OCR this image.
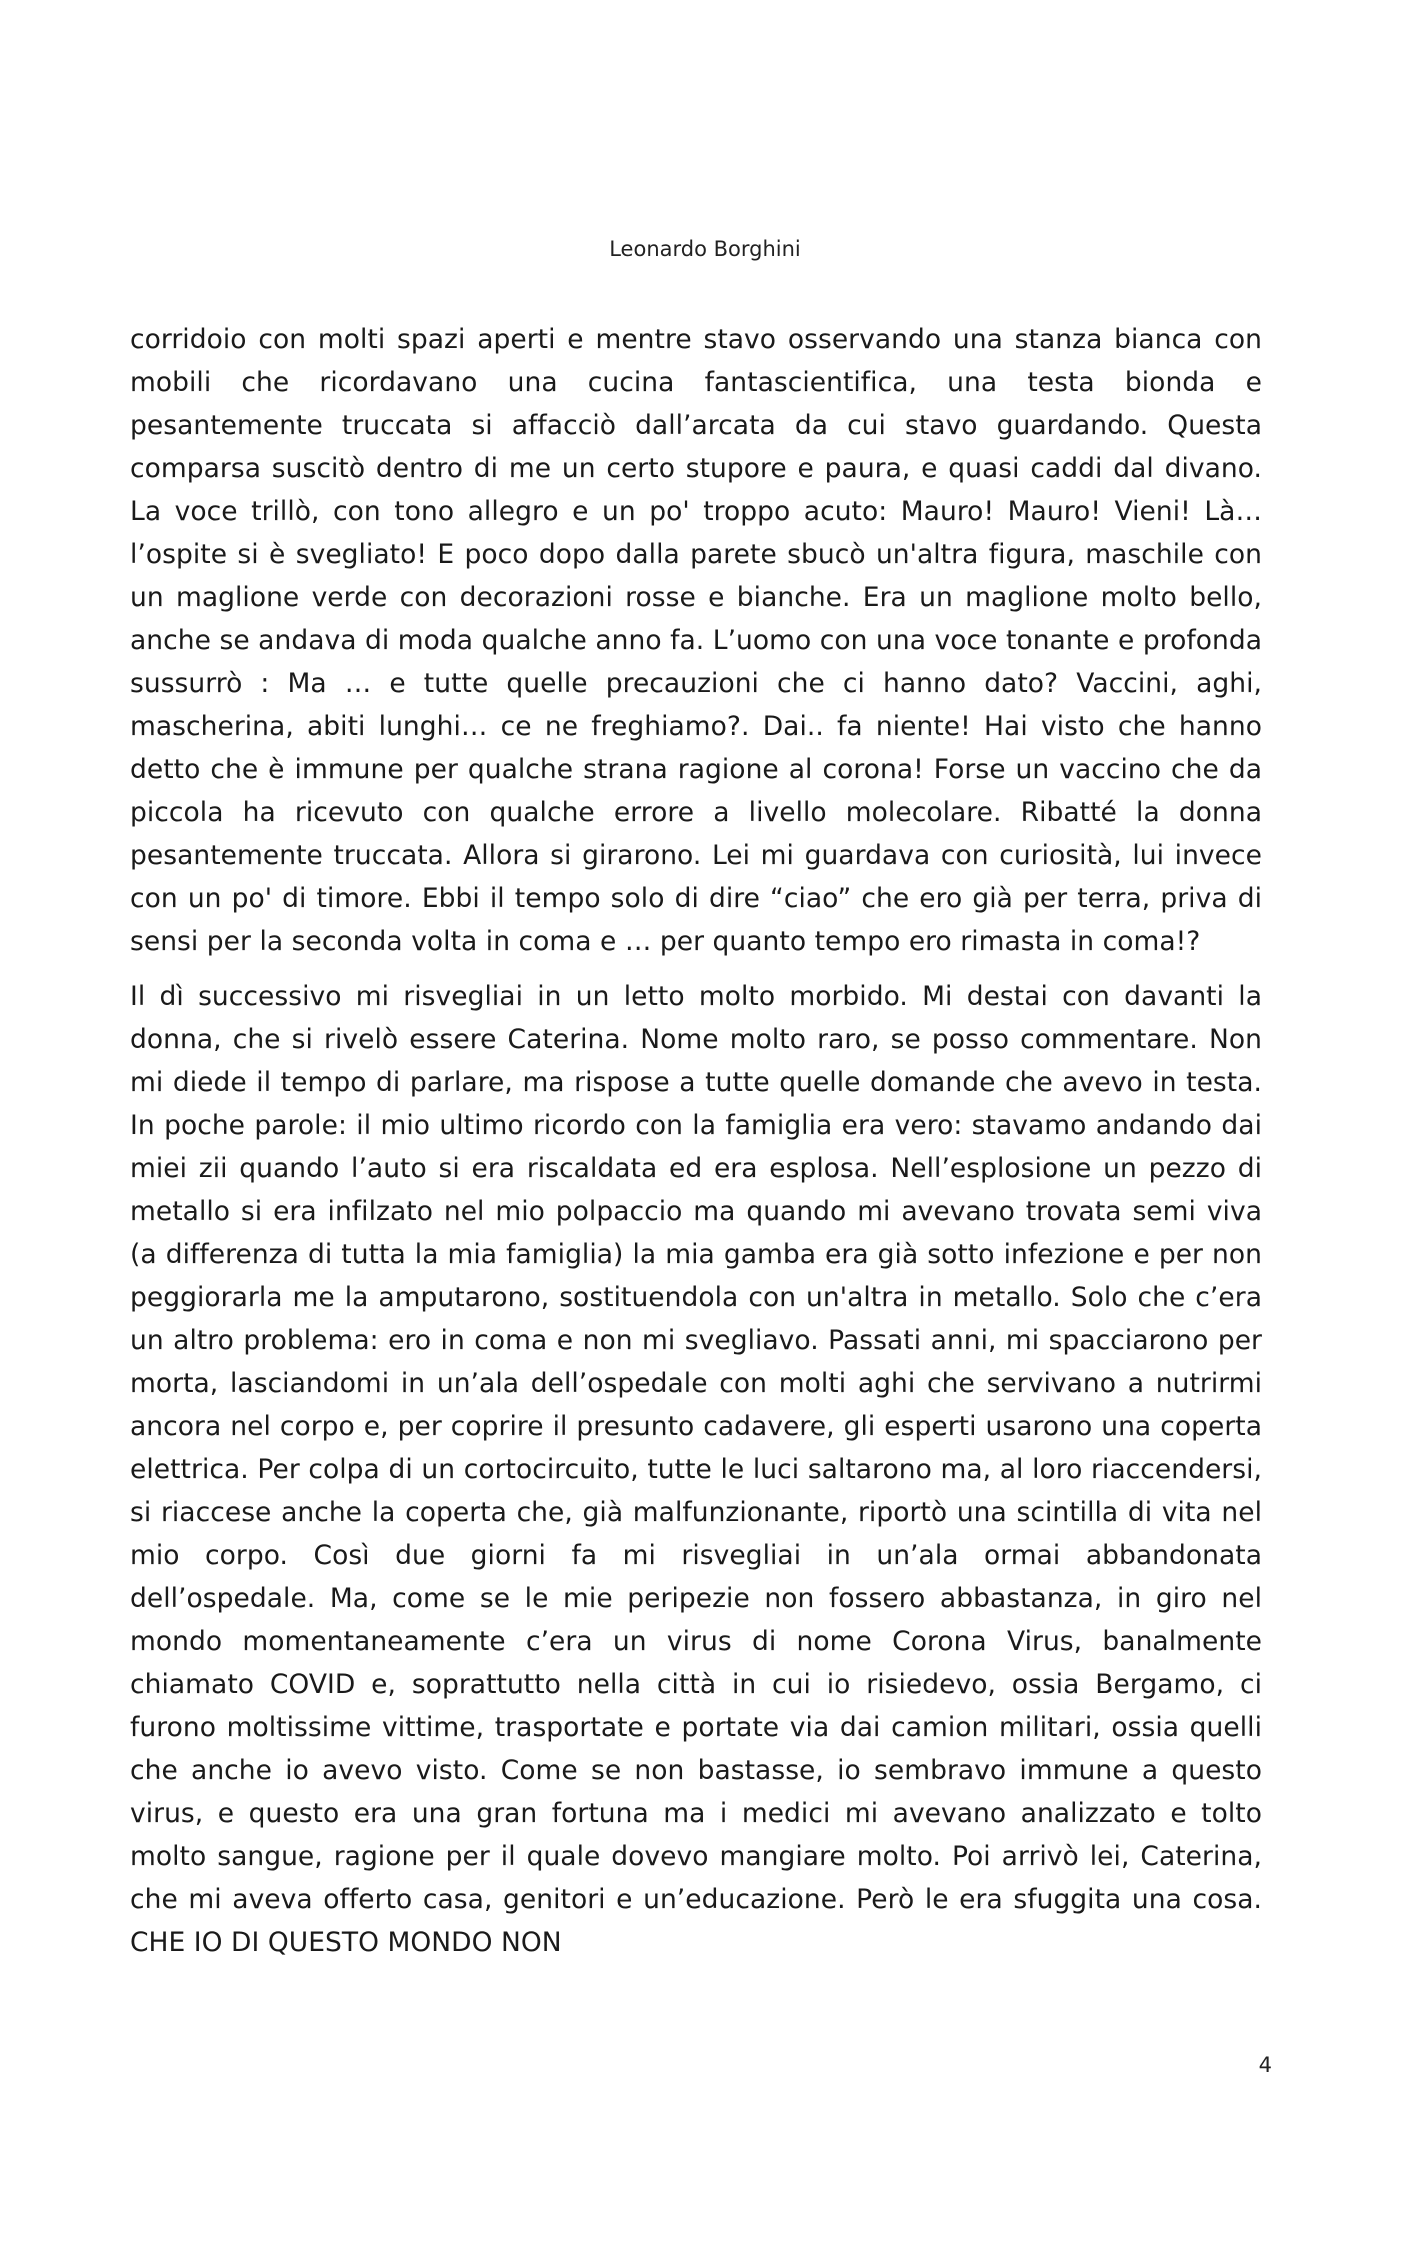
Leonardo Borghini

corridoio con molti spazi aperti e mentre stavo osservando una stanza bianca con mobili che ricordavano una cucina fantascientifica, una testa bionda e pesantemente truccata si affacciò dall’arcata da cui stavo guardando. Questa comparsa suscitò dentro di me un certo stupore e paura, e quasi caddi dal divano. La voce trillò, con tono allegro e un po' troppo acuto: Mauro! Mauro! Vieni! Là… l’ospite si è svegliato! E poco dopo dalla parete sbucò un'altra figura, maschile con un maglione verde con decorazioni rosse e bianche. Era un maglione molto bello, anche se andava di moda qualche anno fa. L’uomo con una voce tonante e profonda sussurrò : Ma … e tutte quelle precauzioni che ci hanno dato? Vaccini, aghi, mascherina, abiti lunghi… ce ne freghiamo?. Dai.. fa niente! Hai visto che hanno detto che è immune per qualche strana ragione al corona! Forse un vaccino che da piccola ha ricevuto con qualche errore a livello molecolare. Ribatté la donna pesantemente truccata. Allora si girarono. Lei mi guardava con curiosità, lui invece con un po' di timore. Ebbi il tempo solo di dire “ciao” che ero già per terra, priva di sensi per la seconda volta in coma e … per quanto tempo ero rimasta in coma!?

Il dì successivo mi risvegliai in un letto molto morbido. Mi destai con davanti la donna, che si rivelò essere Caterina. Nome molto raro, se posso commentare. Non mi diede il tempo di parlare, ma rispose a tutte quelle domande che avevo in testa. In poche parole: il mio ultimo ricordo con la famiglia era vero: stavamo andando dai miei zii quando l’auto si era riscaldata ed era esplosa. Nell’esplosione un pezzo di metallo si era infilzato nel mio polpaccio ma quando mi avevano trovata semi viva (a differenza di tutta la mia famiglia) la mia gamba era già sotto infezione e per non peggiorarla me la amputarono, sostituendola con un'altra in metallo. Solo che c’era un altro problema: ero in coma e non mi svegliavo. Passati anni, mi spacciarono per morta, lasciandomi in un’ala dell’ospedale con molti aghi che servivano a nutrirmi ancora nel corpo e, per coprire il presunto cadavere, gli esperti usarono una coperta elettrica. Per colpa di un cortocircuito, tutte le luci saltarono ma, al loro riaccendersi, si riaccese anche la coperta che, già malfunzionante, riportò una scintilla di vita nel mio corpo. Così due giorni fa mi risvegliai in un’ala ormai abbandonata dell’ospedale. Ma, come se le mie peripezie non fossero abbastanza, in giro nel mondo momentaneamente c’era un virus di nome Corona Virus, banalmente chiamato COVID e, soprattutto nella città in cui io risiedevo, ossia Bergamo, ci furono moltissime vittime, trasportate e portate via dai camion militari, ossia quelli che anche io avevo visto. Come se non bastasse, io sembravo immune a questo virus, e questo era una gran fortuna ma i medici mi avevano analizzato e tolto molto sangue, ragione per il quale dovevo mangiare molto. Poi arrivò lei, Caterina, che mi aveva offerto casa, genitori e un’educazione. Però le era sfuggita una cosa. CHE IO DI QUESTO MONDO NON

4
